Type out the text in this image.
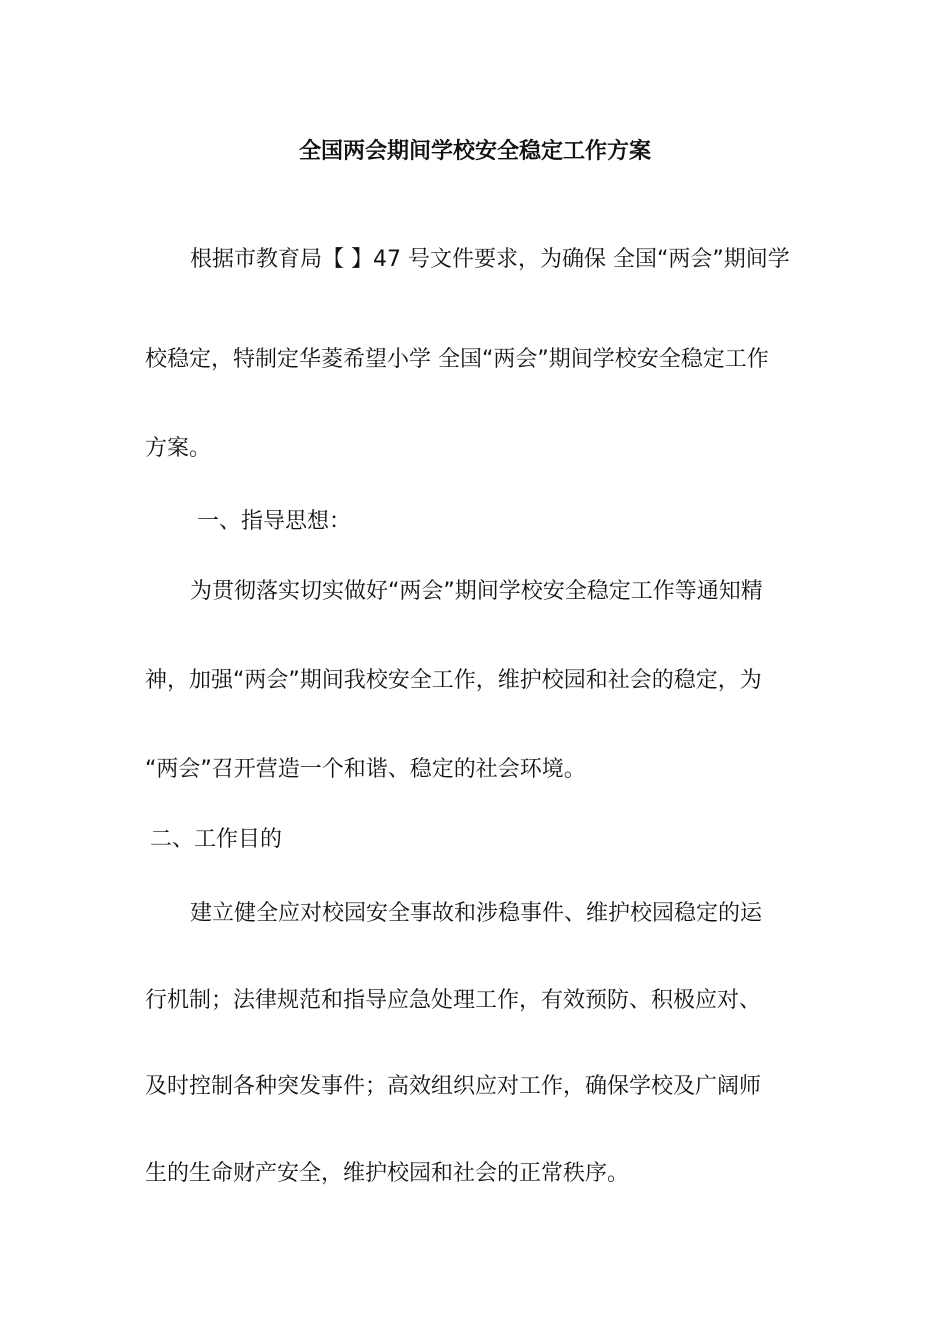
全国两会期间学校安全稳定工作方案
根据市教育局【 】47 号文件要求，为确保 全国“两会”期间学
校稳定，特制定华菱希望小学 全国“两会”期间学校安全稳定工作
方案。
一、指导思想：
为贯彻落实切实做好“两会”期间学校安全稳定工作等通知精
神，加强“两会”期间我校安全工作，维护校园和社会的稳定，为
“两会”召开营造一个和谐、稳定的社会环境。
二、工作目的
建立健全应对校园安全事故和涉稳事件、维护校园稳定的运
行机制；法律规范和指导应急处理工作，有效预防、积极应对、
及时控制各种突发事件；高效组织应对工作，确保学校及广阔师
生的生命财产安全，维护校园和社会的正常秩序。
